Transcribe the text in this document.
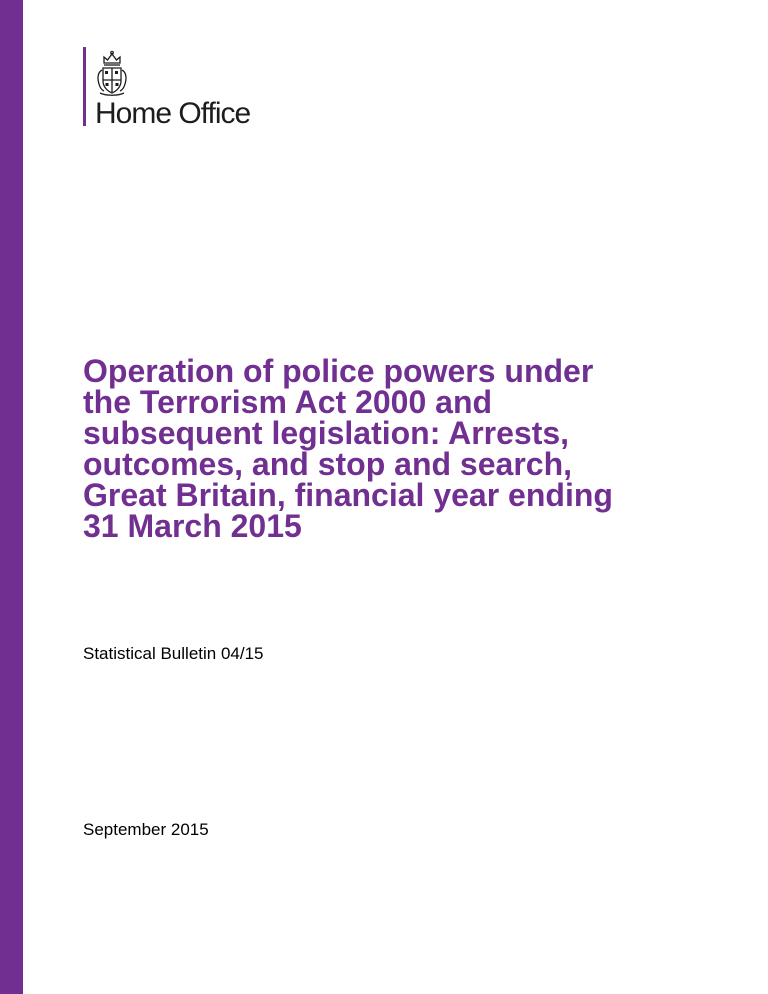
Home Office
Operation of police powers under
the Terrorism Act 2000 and
subsequent legislation: Arrests,
outcomes, and stop and search,
Great Britain, financial year ending
31 March 2015
Statistical Bulletin 04/15
September 2015
